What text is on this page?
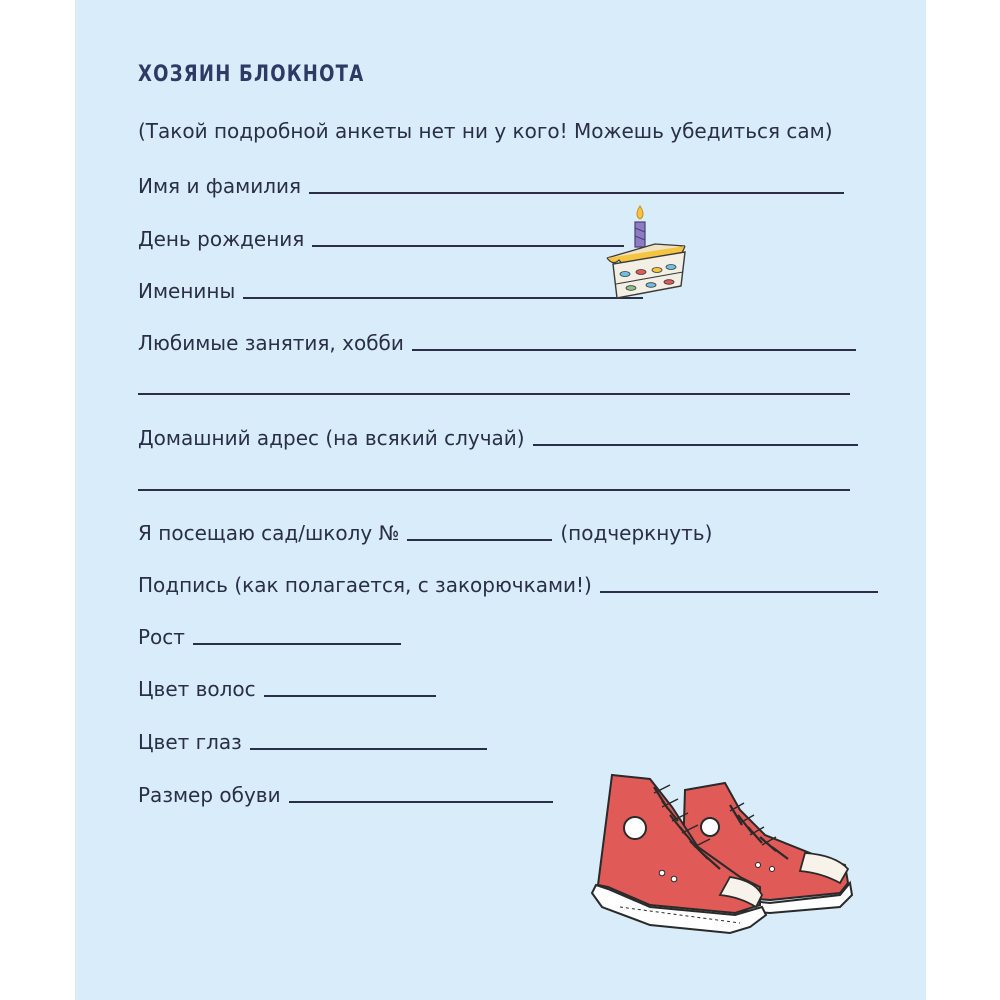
ХОЗЯИН БЛОКНОТА
(Такой подробной анкеты нет ни у кого! Можешь убедиться сам)
Имя и фамилия
День рождения
Именины
Любимые занятия, хобби
Домашний адрес (на всякий случай)
Я посещаю сад/школу №	(подчеркнуть)
Подпись (как полагается, с закорючками!)
Рост
Цвет волос
Цвет глаз
Размер обуви
